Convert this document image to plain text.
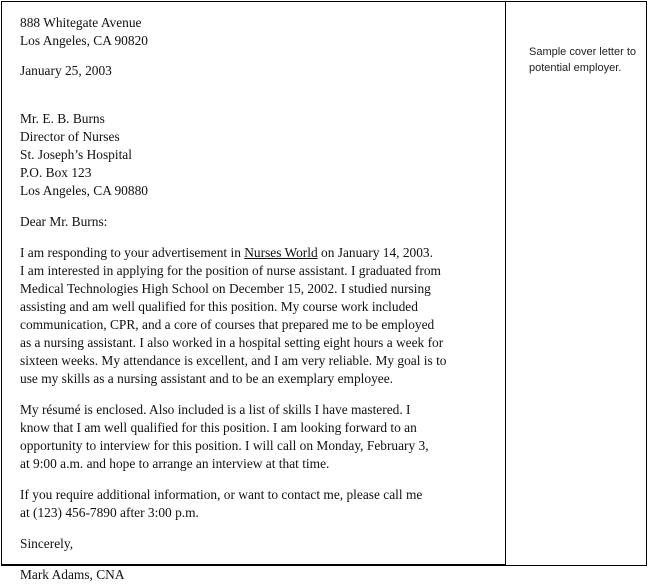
888 Whitegate Avenue

Los Angeles, CA 90820

January 25, 2003

Mr. E. B. Burns

Director of Nurses

St. Joseph’s Hospital

P.O. Box 123

Los Angeles, CA 90880

Dear Mr. Burns:

I am responding to your advertisement in Nurses World on January 14, 2003.

I am interested in applying for the position of nurse assistant. I graduated from

Medical Technologies High School on December 15, 2002. I studied nursing

assisting and am well qualified for this position. My course work included

communication, CPR, and a core of courses that prepared me to be employed

as a nursing assistant. I also worked in a hospital setting eight hours a week for

sixteen weeks. My attendance is excellent, and I am very reliable. My goal is to

use my skills as a nursing assistant and to be an exemplary employee.

My résumé is enclosed. Also included is a list of skills I have mastered. I

know that I am well qualified for this position. I am looking forward to an

opportunity to interview for this position. I will call on Monday, February 3,

at 9:00 a.m. and hope to arrange an interview at that time.

If you require additional information, or want to contact me, please call me

at (123) 456-7890 after 3:00 p.m.

Sincerely,

Mark Adams, CNA

Sample cover letter to
potential employer.
